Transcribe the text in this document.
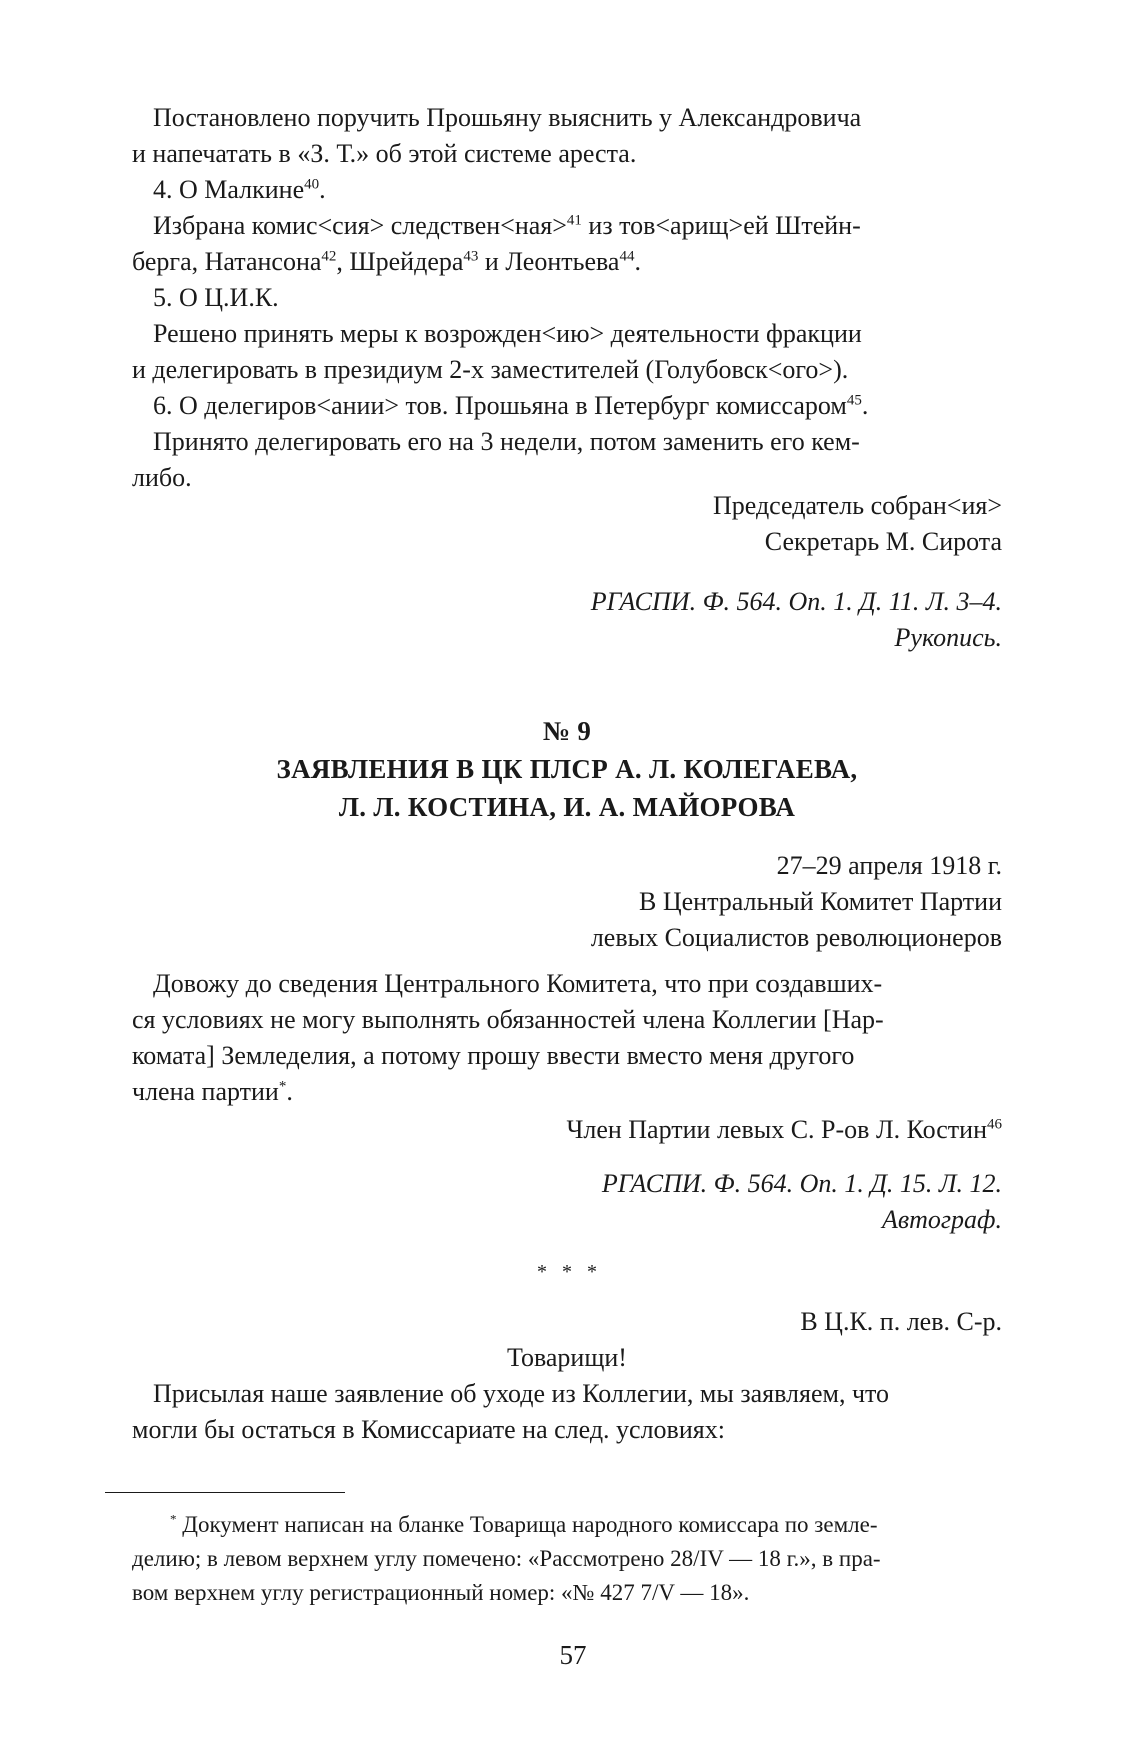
Постановлено поручить Прошьяну выяснить у Александровича

и напечатать в «З. Т.» об этой системе ареста.

4. О Малкине$^{40}$.

Избрана комис<сия> следствен<ная>$^{41}$ из тов<арищ>ей Штейн-

берга, Натансона$^{42}$, Шрейдера$^{43}$ и Леонтьева$^{44}$.

5. О Ц.И.К.

Решено принять меры к возрожден<ию> деятельности фракции

и делегировать в президиум 2-х заместителей (Голубовск<ого>).

6. О делегиров<ании> тов. Прошьяна в Петербург комиссаром$^{45}$.

Принято делегировать его на 3 недели, потом заменить его кем-

либо.

Председатель собран<ия>

Секретарь М. Сирота

РГАСПИ. Ф. 564. Оп. 1. Д. 11. Л. 3–4.

Рукопись.

№ 9

ЗАЯВЛЕНИЯ В ЦК ПЛСР А. Л. КОЛЕГАЕВА,

Л. Л. КОСТИНА, И. А. МАЙОРОВА

27–29 апреля 1918 г.

В Центральный Комитет Партии

левых Социалистов революционеров

Довожу до сведения Центрального Комитета, что при создавших-

ся условиях не могу выполнять обязанностей члена Коллегии [Нар-

комата] Земледелия, а потому прошу ввести вместо меня другого

члена партии*.

Член Партии левых С. Р-ов Л. Костин$^{46}$

РГАСПИ. Ф. 564. Оп. 1. Д. 15. Л. 12.

Автограф.

*   *   *

В Ц.К. п. лев. С-р.

Товарищи!

Присылая наше заявление об уходе из Коллегии, мы заявляем, что

могли бы остаться в Комиссариате на след. условиях:

* Документ написан на бланке Товарища народного комиссара по земле-

делию; в левом верхнем углу помечено: «Рассмотрено 28/IV — 18 г.», в пра-

вом верхнем углу регистрационный номер: «№ 427 7/V — 18».

57
